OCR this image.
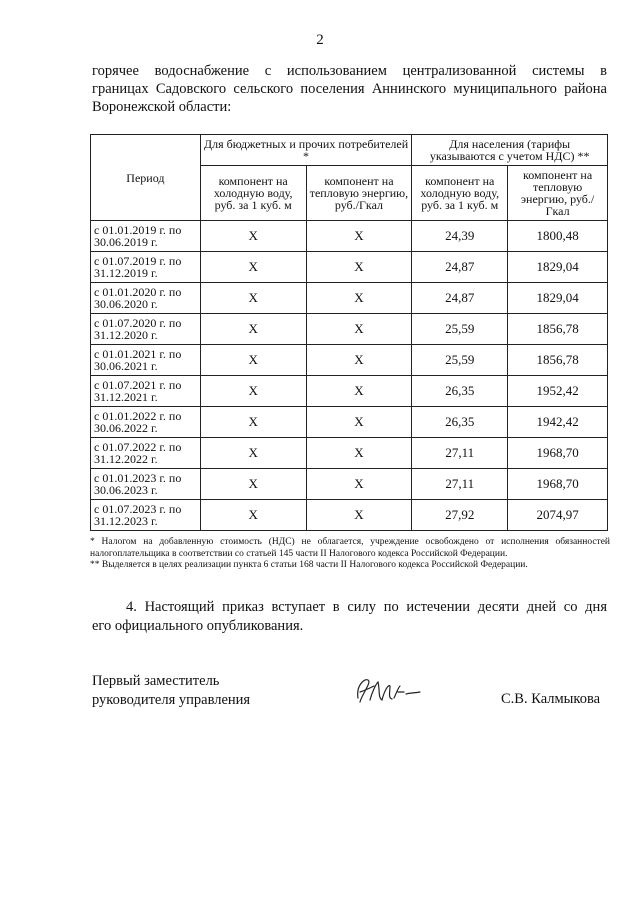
2
горячее водоснабжение с использованием централизованной системы в
границах Садовского сельского поселения Аннинского муниципального района
Воронежской области:
Период	Для бюджетных и прочих потребителей *		Для населения (тарифы указываются с учетом НДС) **	
	компонент на холодную воду, руб. за 1 куб. м	компонент на тепловую энергию, руб./Гкал	компонент на холодную воду, руб. за 1 куб. м	компонент на тепловую энергию, руб./Гкал
с 01.01.2019 г. по 30.06.2019 г.	Х	Х	24,39	1800,48
с 01.07.2019 г. по 31.12.2019 г.	Х	Х	24,87	1829,04
с 01.01.2020 г. по 30.06.2020 г.	Х	Х	24,87	1829,04
с 01.07.2020 г. по 31.12.2020 г.	Х	Х	25,59	1856,78
с 01.01.2021 г. по 30.06.2021 г.	Х	Х	25,59	1856,78
с 01.07.2021 г. по 31.12.2021 г.	Х	Х	26,35	1952,42
с 01.01.2022 г. по 30.06.2022 г.	Х	Х	26,35	1942,42
с 01.07.2022 г. по 31.12.2022 г.	Х	Х	27,11	1968,70
с 01.01.2023 г. по 30.06.2023 г.	Х	Х	27,11	1968,70
с 01.07.2023 г. по 31.12.2023 г.	Х	Х	27,92	2074,97

* Налогом на добавленную стоимость (НДС) не облагается, учреждение освобождено от исполнения обязанностей налогоплательщика в соответствии со статьей 145 части II Налогового кодекса Российской Федерации.

** Выделяется в целях реализации пункта 6 статьи 168 части II Налогового кодекса Российской Федерации.

4. Настоящий приказ вступает в силу по истечении десяти дней со дня
его официального опубликования.
Первый заместитель
руководителя управления	С.В. Калмыкова
